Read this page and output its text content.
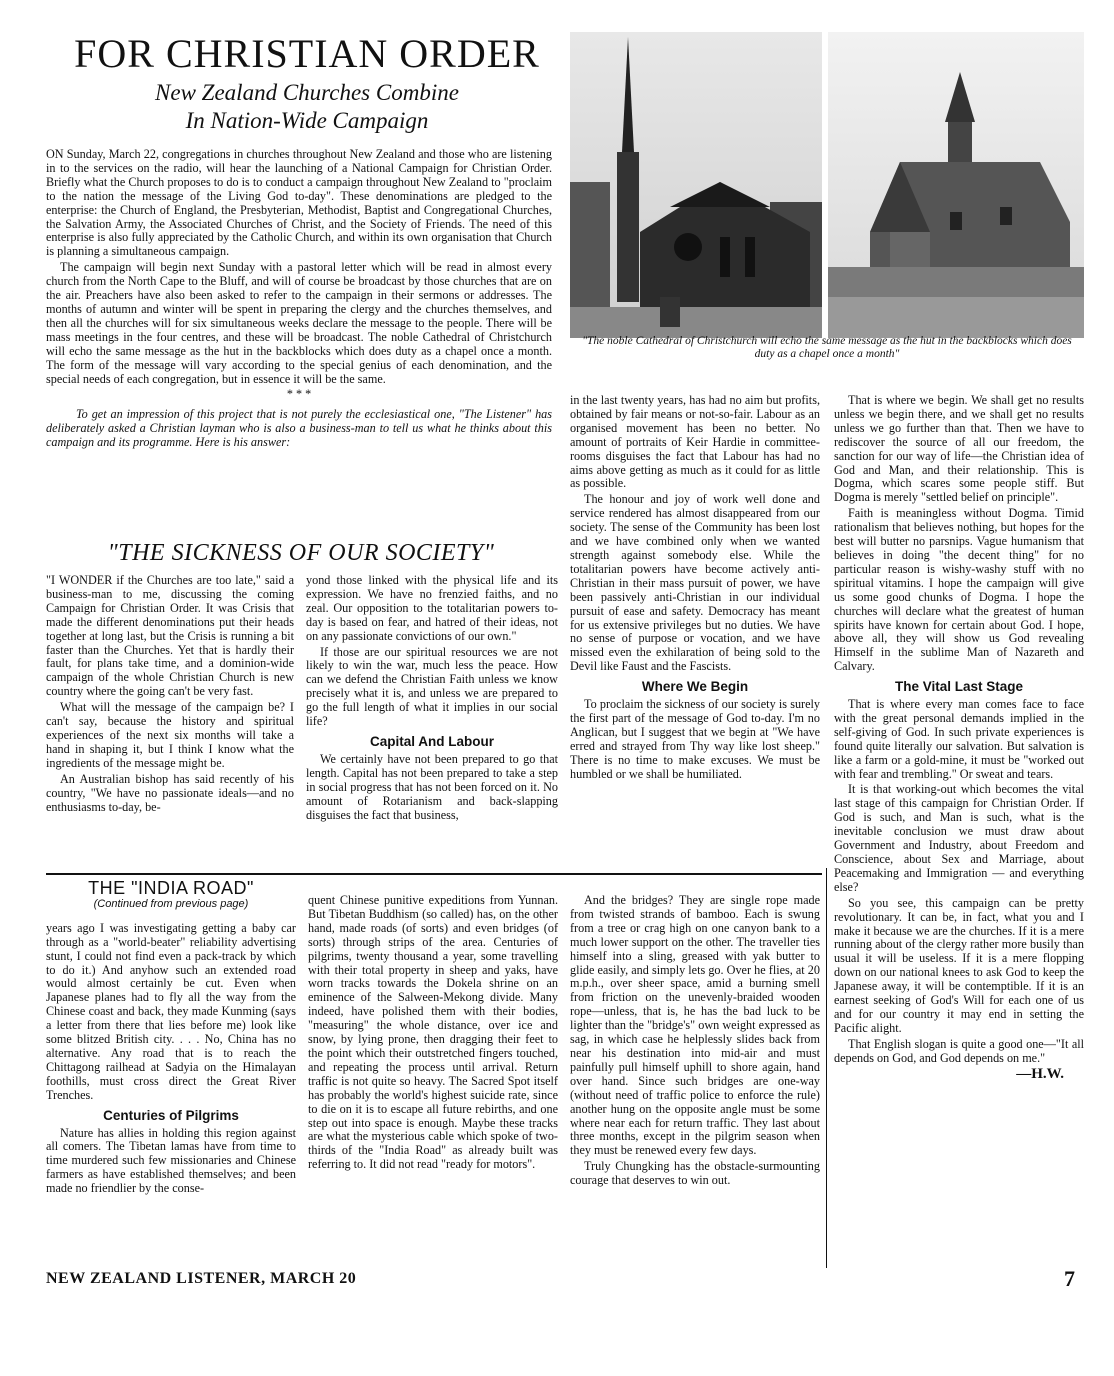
FOR CHRISTIAN ORDER
New Zealand Churches Combine
In Nation-Wide Campaign

ON Sunday, March 22, congregations in churches throughout New Zealand and those who are listening in to the services on the radio, will hear the launching of a National Campaign for Christian Order. Briefly what the Church proposes to do is to conduct a campaign throughout New Zealand to "proclaim to the nation the message of the Living God to-day". These denominations are pledged to the enterprise: the Church of England, the Presbyterian, Methodist, Baptist and Congregational Churches, the Salvation Army, the Associated Churches of Christ, and the Society of Friends. The need of this enterprise is also fully appreciated by the Catholic Church, and within its own organisation that Church is planning a simultaneous campaign.

The campaign will begin next Sunday with a pastoral letter which will be read in almost every church from the North Cape to the Bluff, and will of course be broadcast by those churches that are on the air. Preachers have also been asked to refer to the campaign in their sermons or addresses. The months of autumn and winter will be spent in preparing the clergy and the churches themselves, and then all the churches will for six simultaneous weeks declare the message to the people. There will be mass meetings in the four centres, and these will be broadcast. The noble Cathedral of Christchurch will echo the same message as the hut in the backblocks which does duty as a chapel once a month. The form of the message will vary according to the special genius of each denomination, and the special needs of each congregation, but in essence it will be the same.

* * *

To get an impression of this project that is not purely the ecclesiastical one, "The Listener" has deliberately asked a Christian layman who is also a business-man to tell us what he thinks about this campaign and its programme. Here is his answer:

"The noble Cathedral of Christchurch will echo the same message as the hut in the backblocks which does duty as a chapel once a month"
"THE SICKNESS OF OUR SOCIETY"

"I WONDER if the Churches are too late," said a business-man to me, discussing the coming Campaign for Christian Order. It was Crisis that made the different denominations put their heads together at long last, but the Crisis is running a bit faster than the Churches. Yet that is hardly their fault, for plans take time, and a dominion-wide campaign of the whole Christian Church is new country where the going can't be very fast.

What will the message of the campaign be? I can't say, because the history and spiritual experiences of the next six months will take a hand in shaping it, but I think I know what the ingredients of the message might be.

An Australian bishop has said recently of his country, "We have no passionate ideals—and no enthusiasms to-day, be-

yond those linked with the physical life and its expression. We have no frenzied faiths, and no zeal. Our opposition to the totalitarian powers to-day is based on fear, and hatred of their ideas, not on any passionate convictions of our own."

If those are our spiritual resources we are not likely to win the war, much less the peace. How can we defend the Christian Faith unless we know precisely what it is, and unless we are prepared to go the full length of what it implies in our social life?

Capital And Labour

We certainly have not been prepared to go that length. Capital has not been prepared to take a step in social progress that has not been forced on it. No amount of Rotarianism and back-slapping disguises the fact that business,

in the last twenty years, has had no aim but profits, obtained by fair means or not-so-fair. Labour as an organised movement has been no better. No amount of portraits of Keir Hardie in committee-rooms disguises the fact that Labour has had no aims above getting as much as it could for as little as possible.

The honour and joy of work well done and service rendered has almost disappeared from our society. The sense of the Community has been lost and we have combined only when we wanted strength against somebody else. While the totalitarian powers have become actively anti-Christian in their mass pursuit of power, we have been passively anti-Christian in our individual pursuit of ease and safety. Democracy has meant for us extensive privileges but no duties. We have no sense of purpose or vocation, and we have missed even the exhilaration of being sold to the Devil like Faust and the Fascists.

Where We Begin

To proclaim the sickness of our society is surely the first part of the message of God to-day. I'm no Anglican, but I suggest that we begin at "We have erred and strayed from Thy way like lost sheep." There is no time to make excuses. We must be humbled or we shall be humiliated.

That is where we begin. We shall get no results unless we begin there, and we shall get no results unless we go further than that. Then we have to rediscover the source of all our freedom, the sanction for our way of life—the Christian idea of God and Man, and their relationship. This is Dogma, which scares some people stiff. But Dogma is merely "settled belief on principle".

Faith is meaningless without Dogma. Timid rationalism that believes nothing, but hopes for the best will butter no parsnips. Vague humanism that believes in doing "the decent thing" for no particular reason is wishy-washy stuff with no spiritual vitamins. I hope the campaign will give us some good chunks of Dogma. I hope the churches will declare what the greatest of human spirits have known for certain about God. I hope, above all, they will show us God revealing Himself in the sublime Man of Nazareth and Calvary.

The Vital Last Stage

That is where every man comes face to face with the great personal demands implied in the self-giving of God. In such private experiences is found quite literally our salvation. But salvation is like a farm or a gold-mine, it must be "worked out with fear and trembling." Or sweat and tears.

It is that working-out which becomes the vital last stage of this campaign for Christian Order. If God is such, and Man is such, what is the inevitable conclusion we must draw about Government and Industry, about Freedom and Conscience, about Sex and Marriage, about Peacemaking and Immigration — and everything else?

So you see, this campaign can be pretty revolutionary. It can be, in fact, what you and I make it because we are the churches. If it is a mere running about of the clergy rather more busily than usual it will be useless. If it is a mere flopping down on our national knees to ask God to keep the Japanese away, it will be contemptible. If it is an earnest seeking of God's Will for each one of us and for our country it may end in setting the Pacific alight.

That English slogan is quite a good one—"It all depends on God, and God depends on me."

—H.W.
THE "INDIA ROAD"
(Continued from previous page)

years ago I was investigating getting a baby car through as a "world-beater" reliability advertising stunt, I could not find even a pack-track by which to do it.) And anyhow such an extended road would almost certainly be cut. Even when Japanese planes had to fly all the way from the Chinese coast and back, they made Kunming (says a letter from there that lies before me) look like some blitzed British city. . . . No, China has no alternative. Any road that is to reach the Chittagong railhead at Sadyia on the Himalayan foothills, must cross direct the Great River Trenches.

Centuries of Pilgrims

Nature has allies in holding this region against all comers. The Tibetan lamas have from time to time murdered such few missionaries and Chinese farmers as have established themselves; and been made no friendlier by the conse-

quent Chinese punitive expeditions from Yunnan. But Tibetan Buddhism (so called) has, on the other hand, made roads (of sorts) and even bridges (of sorts) through strips of the area. Centuries of pilgrims, twenty thousand a year, some travelling with their total property in sheep and yaks, have worn tracks towards the Dokela shrine on an eminence of the Salween-Mekong divide. Many indeed, have polished them with their bodies, "measuring" the whole distance, over ice and snow, by lying prone, then dragging their feet to the point which their outstretched fingers touched, and repeating the process until arrival. Return traffic is not quite so heavy. The Sacred Spot itself has probably the world's highest suicide rate, since to die on it is to escape all future rebirths, and one step out into space is enough. Maybe these tracks are what the mysterious cable which spoke of two-thirds of the "India Road" as already built was referring to. It did not read "ready for motors".

And the bridges? They are single rope made from twisted strands of bamboo. Each is swung from a tree or crag high on one canyon bank to a much lower support on the other. The traveller ties himself into a sling, greased with yak butter to glide easily, and simply lets go. Over he flies, at 20 m.p.h., over sheer space, amid a burning smell from friction on the unevenly-braided wooden rope—unless, that is, he has the bad luck to be lighter than the "bridge's" own weight expressed as sag, in which case he helplessly slides back from near his destination into mid-air and must painfully pull himself uphill to shore again, hand over hand. Since such bridges are one-way (without need of traffic police to enforce the rule) another hung on the opposite angle must be some where near each for return traffic. They last about three months, except in the pilgrim season when they must be renewed every few days.

Truly Chungking has the obstacle-surmounting courage that deserves to win out.

NEW ZEALAND LISTENER, MARCH 20	7
